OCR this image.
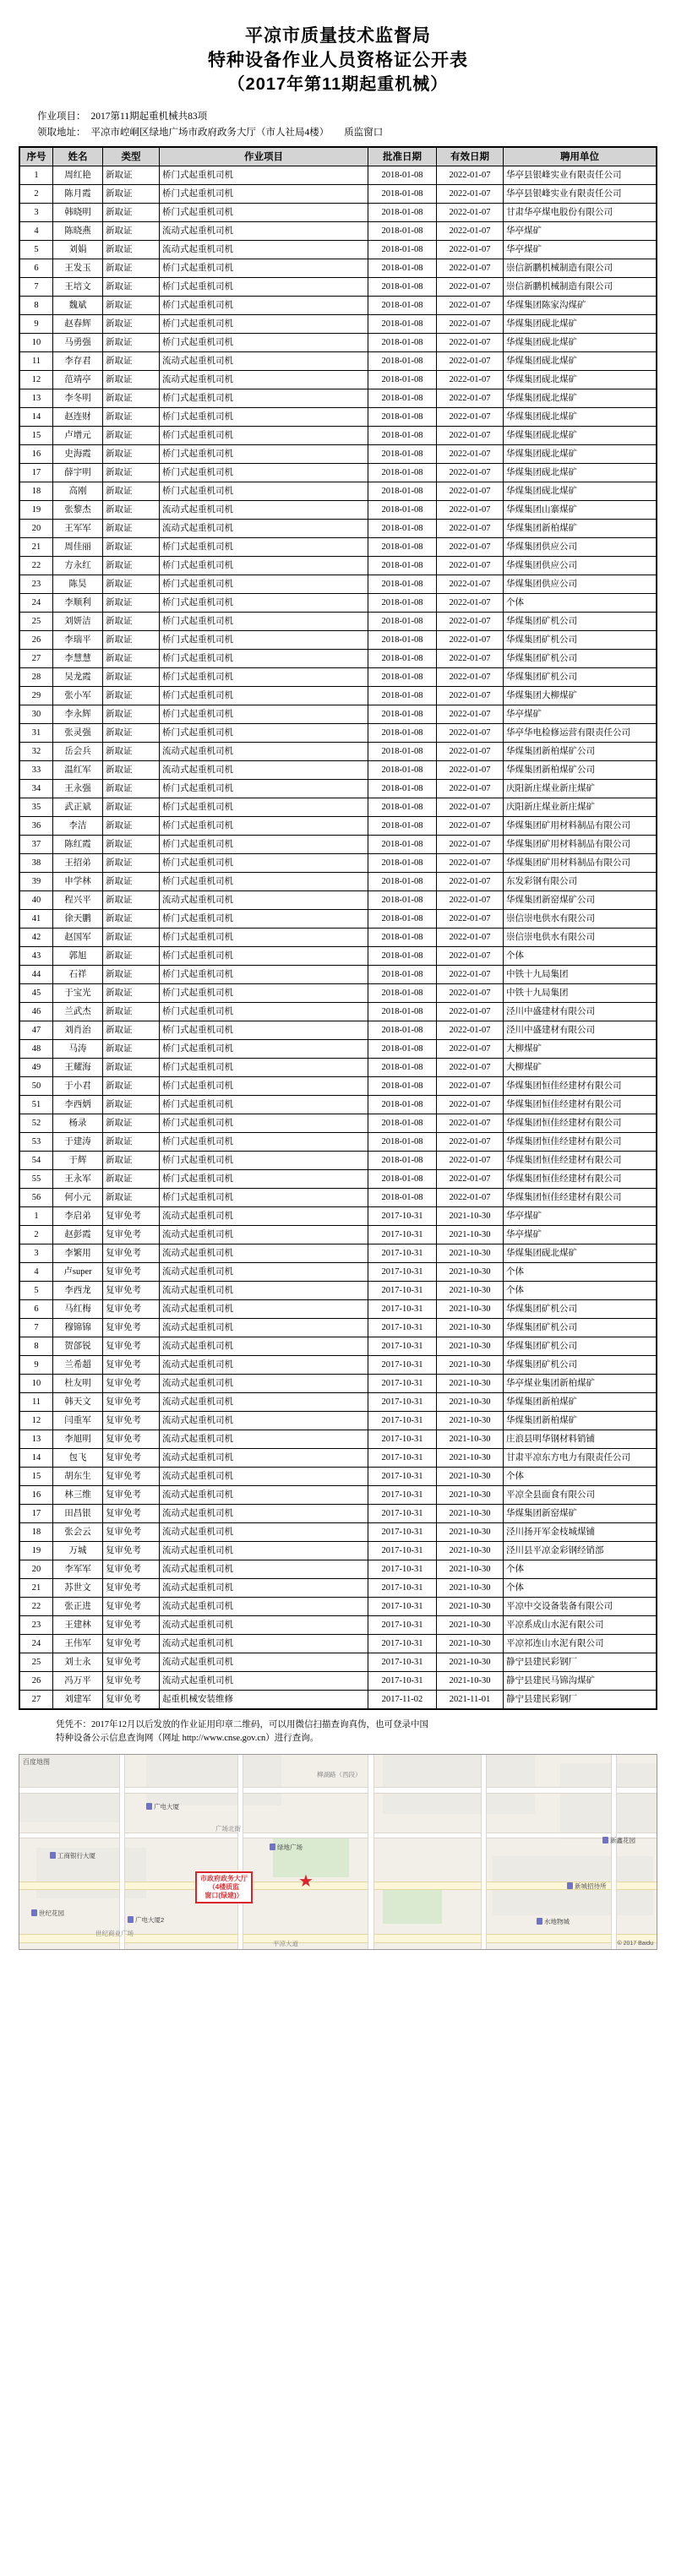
平凉市质量技术监督局
特种设备作业人员资格证公开表
（2017年第11期起重机械）
作业项目： 2017第11期起重机械共83项
领取地址： 平凉市崆峒区绿地广场市政府政务大厅（市人社局4楼） 质监窗口
序号	姓名	类型	作业项目	批准日期	有效日期	聘用单位
1	周红艳	新取证	桥门式起重机司机	2018-01-08	2022-01-07	华亭县银峰实业有限责任公司
2	陈月霞	新取证	桥门式起重机司机	2018-01-08	2022-01-07	华亭县银峰实业有限责任公司
3	韩晓明	新取证	桥门式起重机司机	2018-01-08	2022-01-07	甘肃华亭煤电股份有限公司
4	陈晓燕	新取证	流动式起重机司机	2018-01-08	2022-01-07	华亭煤矿
5	刘娟	新取证	流动式起重机司机	2018-01-08	2022-01-07	华亭煤矿
6	王发玉	新取证	桥门式起重机司机	2018-01-08	2022-01-07	崇信新鹏机械制造有限公司
7	王培文	新取证	桥门式起重机司机	2018-01-08	2022-01-07	崇信新鹏机械制造有限公司
8	魏斌	新取证	桥门式起重机司机	2018-01-08	2022-01-07	华煤集团陈家沟煤矿
9	赵春辉	新取证	桥门式起重机司机	2018-01-08	2022-01-07	华煤集团砚北煤矿
10	马勇强	新取证	桥门式起重机司机	2018-01-08	2022-01-07	华煤集团砚北煤矿
11	李存君	新取证	流动式起重机司机	2018-01-08	2022-01-07	华煤集团砚北煤矿
12	范靖亭	新取证	流动式起重机司机	2018-01-08	2022-01-07	华煤集团砚北煤矿
13	李冬明	新取证	桥门式起重机司机	2018-01-08	2022-01-07	华煤集团砚北煤矿
14	赵连财	新取证	桥门式起重机司机	2018-01-08	2022-01-07	华煤集团砚北煤矿
15	卢增元	新取证	桥门式起重机司机	2018-01-08	2022-01-07	华煤集团砚北煤矿
16	史海霞	新取证	桥门式起重机司机	2018-01-08	2022-01-07	华煤集团砚北煤矿
17	薛宇明	新取证	桥门式起重机司机	2018-01-08	2022-01-07	华煤集团砚北煤矿
18	高刚	新取证	桥门式起重机司机	2018-01-08	2022-01-07	华煤集团砚北煤矿
19	张黎杰	新取证	流动式起重机司机	2018-01-08	2022-01-07	华煤集团山寨煤矿
20	王军军	新取证	流动式起重机司机	2018-01-08	2022-01-07	华煤集团新柏煤矿
21	周佳丽	新取证	桥门式起重机司机	2018-01-08	2022-01-07	华煤集团供应公司
22	方永红	新取证	桥门式起重机司机	2018-01-08	2022-01-07	华煤集团供应公司
23	陈昊	新取证	桥门式起重机司机	2018-01-08	2022-01-07	华煤集团供应公司
24	李顺利	新取证	桥门式起重机司机	2018-01-08	2022-01-07	个体
25	刘妍洁	新取证	桥门式起重机司机	2018-01-08	2022-01-07	华煤集团矿机公司
26	李瑞平	新取证	桥门式起重机司机	2018-01-08	2022-01-07	华煤集团矿机公司
27	李慧慧	新取证	桥门式起重机司机	2018-01-08	2022-01-07	华煤集团矿机公司
28	吴龙霞	新取证	桥门式起重机司机	2018-01-08	2022-01-07	华煤集团矿机公司
29	张小军	新取证	桥门式起重机司机	2018-01-08	2022-01-07	华煤集团大柳煤矿
30	李永辉	新取证	桥门式起重机司机	2018-01-08	2022-01-07	华亭煤矿
31	张灵强	新取证	桥门式起重机司机	2018-01-08	2022-01-07	华亭华电检修运营有限责任公司
32	岳会兵	新取证	流动式起重机司机	2018-01-08	2022-01-07	华煤集团新柏煤矿公司
33	温红军	新取证	流动式起重机司机	2018-01-08	2022-01-07	华煤集团新柏煤矿公司
34	王永强	新取证	桥门式起重机司机	2018-01-08	2022-01-07	庆阳新庄煤业新庄煤矿
35	武正斌	新取证	桥门式起重机司机	2018-01-08	2022-01-07	庆阳新庄煤业新庄煤矿
36	李洁	新取证	桥门式起重机司机	2018-01-08	2022-01-07	华煤集团矿用材料制品有限公司
37	陈红霞	新取证	桥门式起重机司机	2018-01-08	2022-01-07	华煤集团矿用材料制品有限公司
38	王招弟	新取证	桥门式起重机司机	2018-01-08	2022-01-07	华煤集团矿用材料制品有限公司
39	申学林	新取证	桥门式起重机司机	2018-01-08	2022-01-07	东发彩钢有限公司
40	程兴平	新取证	流动式起重机司机	2018-01-08	2022-01-07	华煤集团新窑煤矿公司
41	徐天鹏	新取证	桥门式起重机司机	2018-01-08	2022-01-07	崇信崇电供水有限公司
42	赵国军	新取证	桥门式起重机司机	2018-01-08	2022-01-07	崇信崇电供水有限公司
43	郭旭	新取证	桥门式起重机司机	2018-01-08	2022-01-07	个体
44	石祥	新取证	桥门式起重机司机	2018-01-08	2022-01-07	中铁十九局集团
45	于宝光	新取证	桥门式起重机司机	2018-01-08	2022-01-07	中铁十九局集团
46	兰武杰	新取证	桥门式起重机司机	2018-01-08	2022-01-07	泾川中盛建材有限公司
47	刘肖治	新取证	桥门式起重机司机	2018-01-08	2022-01-07	泾川中盛建材有限公司
48	马涛	新取证	桥门式起重机司机	2018-01-08	2022-01-07	大柳煤矿
49	王耀海	新取证	桥门式起重机司机	2018-01-08	2022-01-07	大柳煤矿
50	于小君	新取证	桥门式起重机司机	2018-01-08	2022-01-07	华煤集团恒佳经建材有限公司
51	李西炳	新取证	桥门式起重机司机	2018-01-08	2022-01-07	华煤集团恒佳经建材有限公司
52	杨录	新取证	桥门式起重机司机	2018-01-08	2022-01-07	华煤集团恒佳经建材有限公司
53	于建涛	新取证	桥门式起重机司机	2018-01-08	2022-01-07	华煤集团恒佳经建材有限公司
54	于辉	新取证	桥门式起重机司机	2018-01-08	2022-01-07	华煤集团恒佳经建材有限公司
55	王永军	新取证	桥门式起重机司机	2018-01-08	2022-01-07	华煤集团恒佳经建材有限公司
56	何小元	新取证	桥门式起重机司机	2018-01-08	2022-01-07	华煤集团恒佳经建材有限公司
1	李启弟	复审免考	流动式起重机司机	2017-10-31	2021-10-30	华亭煤矿
2	赵彭霞	复审免考	流动式起重机司机	2017-10-31	2021-10-30	华亭煤矿
3	李繁用	复审免考	流动式起重机司机	2017-10-31	2021-10-30	华煤集团砚北煤矿
4	卢super	复审免考	流动式起重机司机	2017-10-31	2021-10-30	个体
5	李西龙	复审免考	流动式起重机司机	2017-10-31	2021-10-30	个体
6	马红梅	复审免考	流动式起重机司机	2017-10-31	2021-10-30	华煤集团矿机公司
7	穆锦锦	复审免考	流动式起重机司机	2017-10-31	2021-10-30	华煤集团矿机公司
8	贺郃锐	复审免考	流动式起重机司机	2017-10-31	2021-10-30	华煤集团矿机公司
9	兰希超	复审免考	流动式起重机司机	2017-10-31	2021-10-30	华煤集团矿机公司
10	杜友明	复审免考	流动式起重机司机	2017-10-31	2021-10-30	华亭煤业集团新柏煤矿
11	韩天文	复审免考	流动式起重机司机	2017-10-31	2021-10-30	华煤集团新柏煤矿
12	闫重军	复审免考	流动式起重机司机	2017-10-31	2021-10-30	华煤集团新柏煤矿
13	李旭明	复审免考	流动式起重机司机	2017-10-31	2021-10-30	庄浪县明华钢材料销铺
14	包飞	复审免考	流动式起重机司机	2017-10-31	2021-10-30	甘肃平凉东方电力有限责任公司
15	胡东生	复审免考	流动式起重机司机	2017-10-31	2021-10-30	个体
16	林三维	复审免考	流动式起重机司机	2017-10-31	2021-10-30	平凉全县面食有限公司
17	田昌银	复审免考	流动式起重机司机	2017-10-31	2021-10-30	华煤集团新窑煤矿
18	张会云	复审免考	流动式起重机司机	2017-10-31	2021-10-30	泾川扬开军金枝城煤铺
19	万城	复审免考	流动式起重机司机	2017-10-31	2021-10-30	泾川县平凉金彩钢经销部
20	李军军	复审免考	流动式起重机司机	2017-10-31	2021-10-30	个体
21	苏世文	复审免考	流动式起重机司机	2017-10-31	2021-10-30	个体
22	张正进	复审免考	流动式起重机司机	2017-10-31	2021-10-30	平凉中交设备装备有限公司
23	王建林	复审免考	流动式起重机司机	2017-10-31	2021-10-30	平凉系成山水泥有限公司
24	王伟军	复审免考	流动式起重机司机	2017-10-31	2021-10-30	平凉祁连山水泥有限公司
25	刘士永	复审免考	流动式起重机司机	2017-10-31	2021-10-30	静宁县建民彩钢厂
26	冯万平	复审免考	流动式起重机司机	2017-10-31	2021-10-30	静宁县建民马锦沟煤矿
27	刘建军	复审免考	起重机械安装维修	2017-11-02	2021-11-01	静宁县建民彩钢厂

凭凭不：2017年12月以后发放的作业证用印章二维码，可以用微信扫描查询真伪，也可登录中国

特种设备公示信息查询网（网址 http://www.cnse.gov.cn）进行查询。

柳湖路（西段）
广场北街
世纪商业广场
平凉大道
世纪花园
广电大厦
新城招待所
广电大厦2
绿地广场
水地物城
工商银行大厦
新鑫花园
★
市政府政务大厅
（4楼质监
窗口(绿建)）
百度地图
© 2017 Baidu
